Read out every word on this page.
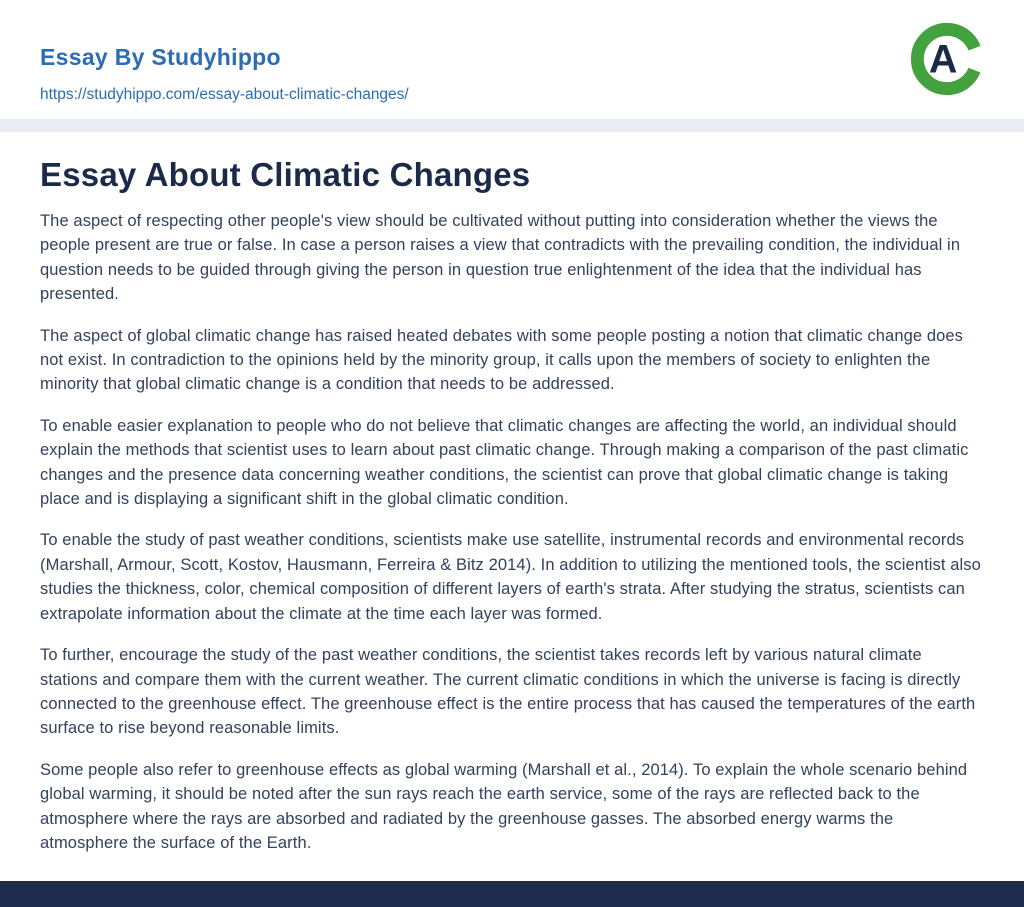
Essay By Studyhippo
https://studyhippo.com/essay-about-climatic-changes/
A
Essay About Climatic Changes

The aspect of respecting other people's view should be cultivated without putting into consideration whether the views the people present are true or false. In case a person raises a view that contradicts with the prevailing condition, the individual in question needs to be guided through giving the person in question true enlightenment of the idea that the individual has presented.

The aspect of global climatic change has raised heated debates with some people posting a notion that climatic change does not exist. In contradiction to the opinions held by the minority group, it calls upon the members of society to enlighten the minority that global climatic change is a condition that needs to be addressed.

To enable easier explanation to people who do not believe that climatic changes are affecting the world, an individual should explain the methods that scientist uses to learn about past climatic change. Through making a comparison of the past climatic changes and the presence data concerning weather conditions, the scientist can prove that global climatic change is taking place and is displaying a significant shift in the global climatic condition.

To enable the study of past weather conditions, scientists make use satellite, instrumental records and environmental records (Marshall, Armour, Scott, Kostov, Hausmann, Ferreira & Bitz 2014). In addition to utilizing the mentioned tools, the scientist also studies the thickness, color, chemical composition of different layers of earth's strata. After studying the stratus, scientists can extrapolate information about the climate at the time each layer was formed.

To further, encourage the study of the past weather conditions, the scientist takes records left by various natural climate stations and compare them with the current weather. The current climatic conditions in which the universe is facing is directly connected to the greenhouse effect. The greenhouse effect is the entire process that has caused the temperatures of the earth surface to rise beyond reasonable limits.

Some people also refer to greenhouse effects as global warming (Marshall et al., 2014). To explain the whole scenario behind global warming, it should be noted after the sun rays reach the earth service, some of the rays are reflected back to the atmosphere where the rays are absorbed and radiated by the greenhouse gasses. The absorbed energy warms the atmosphere the surface of the Earth.
